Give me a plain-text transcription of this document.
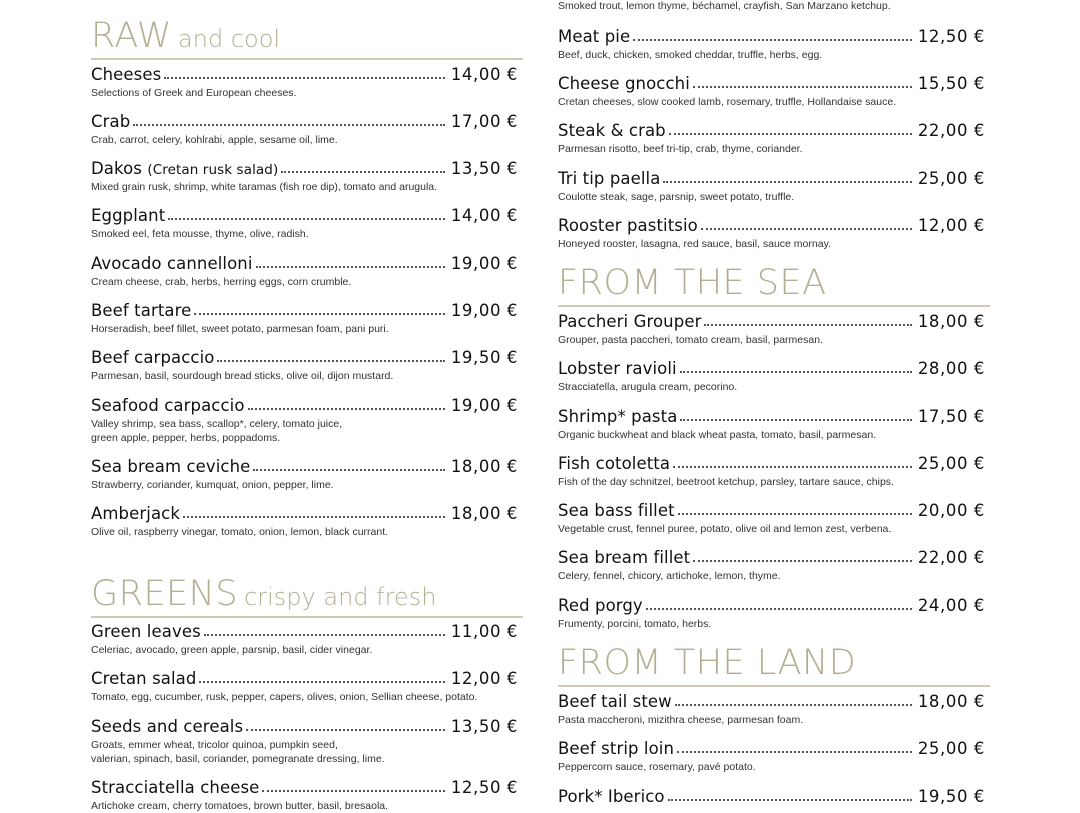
RAW and cool
Cheeses	14,00 €
Selections of Greek and European cheeses.
Crab	17,00 €
Crab, carrot, celery, kohlrabi, apple, sesame oil, lime.
Dakos (Cretan rusk salad)	13,50 €
Mixed grain rusk, shrimp, white taramas (fish roe dip), tomato and arugula.
Eggplant	14,00 €
Smoked eel, feta mousse, thyme, olive, radish.
Avocado cannelloni	19,00 €
Cream cheese, crab, herbs, herring eggs, corn crumble.
Beef tartare	19,00 €
Horseradish, beef fillet, sweet potato, parmesan foam, pani puri.
Beef carpaccio	19,50 €
Parmesan, basil, sourdough bread sticks, olive oil, dijon mustard.
Seafood carpaccio	19,00 €
Valley shrimp, sea bass, scallop*, celery, tomato juice,
green apple, pepper, herbs, poppadoms.
Sea bream ceviche	18,00 €
Strawberry, coriander, kumquat, onion, pepper, lime.
Amberjack	18,00 €
Olive oil, raspberry vinegar, tomato, onion, lemon, black currant.
GREENS crispy and fresh
Green leaves	11,00 €
Celeriac, avocado, green apple, parsnip, basil, cider vinegar.
Cretan salad	12,00 €
Tomato, egg, cucumber, rusk, pepper, capers, olives, onion, Sellian cheese, potato.
Seeds and cereals	13,50 €
Groats, emmer wheat, tricolor quinoa, pumpkin seed,
valerian, spinach, basil, coriander, pomegranate dressing, lime.
Stracciatella cheese	12,50 €
Artichoke cream, cherry tomatoes, brown butter, basil, bresaola.
Smoked trout, lemon thyme, béchamel, crayfish, San Marzano ketchup.
Meat pie	12,50 €
Beef, duck, chicken, smoked cheddar, truffle, herbs, egg.
Cheese gnocchi	15,50 €
Cretan cheeses, slow cooked lamb, rosemary, truffle, Hollandaise sauce.
Steak & crab	22,00 €
Parmesan risotto, beef tri-tip, crab, thyme, coriander.
Tri tip paella	25,00 €
Coulotte steak, sage, parsnip, sweet potato, truffle.
Rooster pastitsio	12,00 €
Honeyed rooster, lasagna, red sauce, basil, sauce mornay.
FROM THE SEA
Paccheri Grouper	18,00 €
Grouper, pasta paccheri, tomato cream, basil, parmesan.
Lobster ravioli	28,00 €
Stracciatella, arugula cream, pecorino.
Shrimp* pasta	17,50 €
Organic buckwheat and black wheat pasta, tomato, basil, parmesan.
Fish cotoletta	25,00 €
Fish of the day schnitzel, beetroot ketchup, parsley, tartare sauce, chips.
Sea bass fillet	20,00 €
Vegetable crust, fennel puree, potato, olive oil and lemon zest, verbena.
Sea bream fillet	22,00 €
Celery, fennel, chicory, artichoke, lemon, thyme.
Red porgy	24,00 €
Frumenty, porcini, tomato, herbs.
FROM THE LAND
Beef tail stew	18,00 €
Pasta maccheroni, mizithra cheese, parmesan foam.
Beef strip loin	25,00 €
Peppercorn sauce, rosemary, pavé potato.
Pork* Iberico	19,50 €
